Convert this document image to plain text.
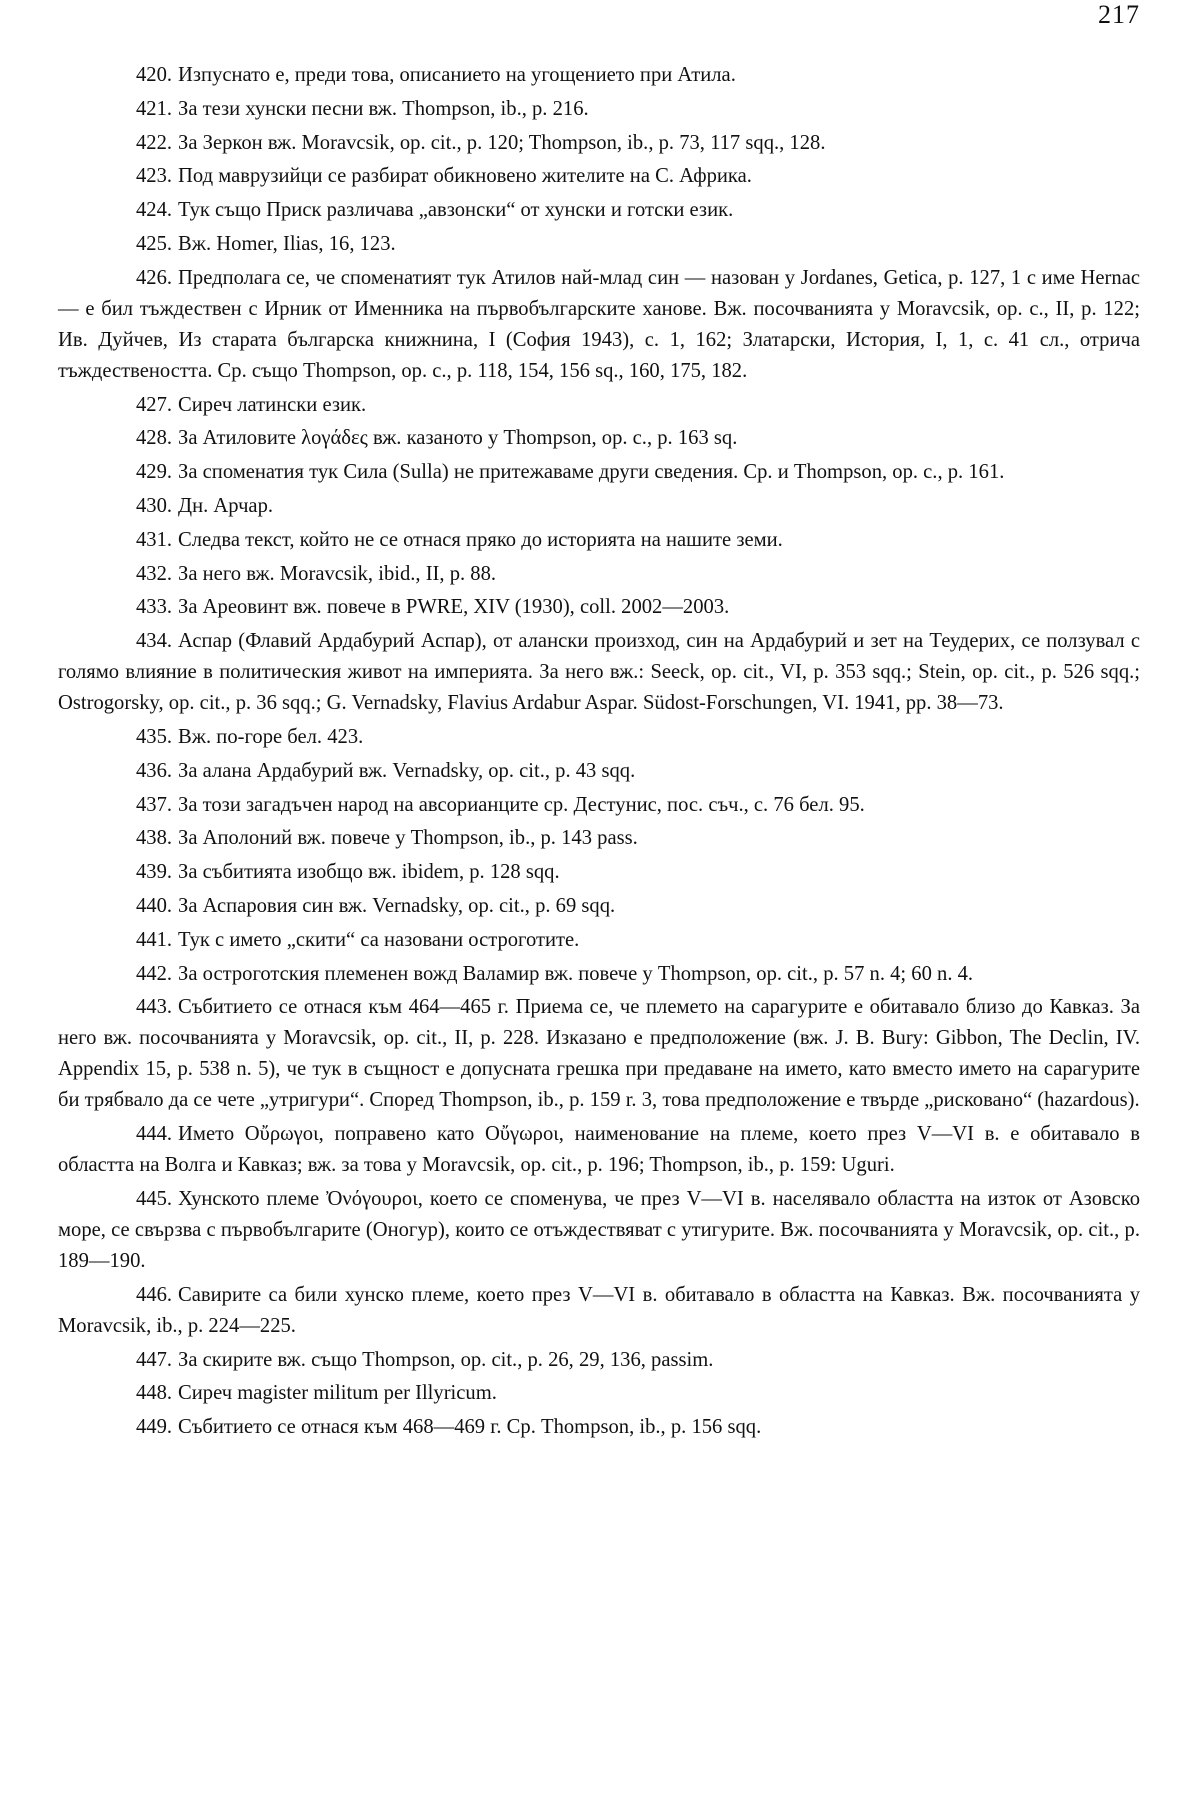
217

420. Изпуснато е, преди това, описанието на угощението при Атила.

421. За тези хунски песни вж. Thompson, ib., p. 216.

422. За Зеркон вж. Moravcsik, op. cit., p. 120; Thompson, ib., p. 73, 117 sqq., 128.

423. Под маврузийци се разбират обикновено жителите на С. Африка.

424. Тук също Приск различава „авзонски“ от хунски и готски език.

425. Вж. Homer, Ilias, 16, 123.

426. Предполага се, че споменатият тук Атилов най-млад син — назован у Jordanes, Getica, p. 127, 1 с име Hernac — е бил тъждествен с Ирник от Именника на първобългарските ханове. Вж. посочванията у Moravcsik, op. c., II, p. 122; Ив. Дуйчев, Из старата българска книжнина, I (София 1943), с. 1, 162; Златарски, История, I, 1, с. 41 сл., отрича тъждествеността. Ср. също Thompson, op. c., p. 118, 154, 156 sq., 160, 175, 182.

427. Сиреч латински език.

428. За Атиловите λογάδες вж. казаното у Thompson, op. c., p. 163 sq.

429. За споменатия тук Сила (Sulla) не притежаваме други сведения. Ср. и Thompson, op. c., p. 161.

430. Дн. Арчар.

431. Следва текст, който не се отнася пряко до историята на нашите земи.

432. За него вж. Moravcsik, ibid., II, p. 88.

433. За Ареовинт вж. повече в PWRE, XIV (1930), coll. 2002—2003.

434. Аспар (Флавий Ардабурий Аспар), от алански произход, син на Ардабурий и зет на Теудерих, се ползувал с голямо влияние в политическия живот на империята. За него вж.: Seeck, op. cit., VI, p. 353 sqq.; Stein, op. cit., p. 526 sqq.; Ostrogorsky, op. cit., p. 36 sqq.; G. Vernadsky, Flavius Ardabur Aspar. Südost-Forschungen, VI. 1941, pp. 38—73.

435. Вж. по-горе бел. 423.

436. За алана Ардабурий вж. Vernadsky, op. cit., p. 43 sqq.

437. За този загадъчен народ на авсорианците ср. Дестунис, пос. съч., с. 76 бел. 95.

438. За Аполоний вж. повече у Thompson, ib., p. 143 pass.

439. За събитията изобщо вж. ibidem, p. 128 sqq.

440. За Аспаровия син вж. Vernadsky, op. cit., p. 69 sqq.

441. Тук с името „скити“ са назовани остроготите.

442. За остроготския племенен вожд Валамир вж. повече у Thompson, op. cit., p. 57 n. 4; 60 n. 4.

443. Събитието се отнася към 464—465 г. Приема се, че племето на сарагурите е обитавало близо до Кавказ. За него вж. посочванията у Moravcsik, op. cit., II, p. 228. Изказано е предположение (вж. J. B. Bury: Gibbon, The Declin, IV. Appendix 15, p. 538 n. 5), че тук в същност е допусната грешка при предаване на името, като вместо името на сарагурите би трябвало да се чете „утригури“. Според Thompson, ib., p. 159 r. 3, това предположение е твърде „рисковано“ (hazardous).

444. Името Οὔρωγοι, поправено като Οὔγωροι, наименование на племе, което през V—VI в. е обитавало в областта на Волга и Кавказ; вж. за това у Moravcsik, op. cit., p. 196; Thompson, ib., p. 159: Uguri.

445. Хунското племе Ὀνόγουροι, което се споменува, че през V—VI в. населявало областта на изток от Азовско море, се свързва с първобългарите (Оногур), които се отъждествяват с утигурите. Вж. посочванията у Moravcsik, op. cit., p. 189—190.

446. Савирите са били хунско племе, което през V—VI в. обитавало в областта на Кавказ. Вж. посочванията у Moravcsik, ib., p. 224—225.

447. За скирите вж. също Thompson, op. cit., p. 26, 29, 136, passim.

448. Сиреч magister militum per Illyricum.

449. Събитието се отнася към 468—469 г. Ср. Thompson, ib., p. 156 sqq.
